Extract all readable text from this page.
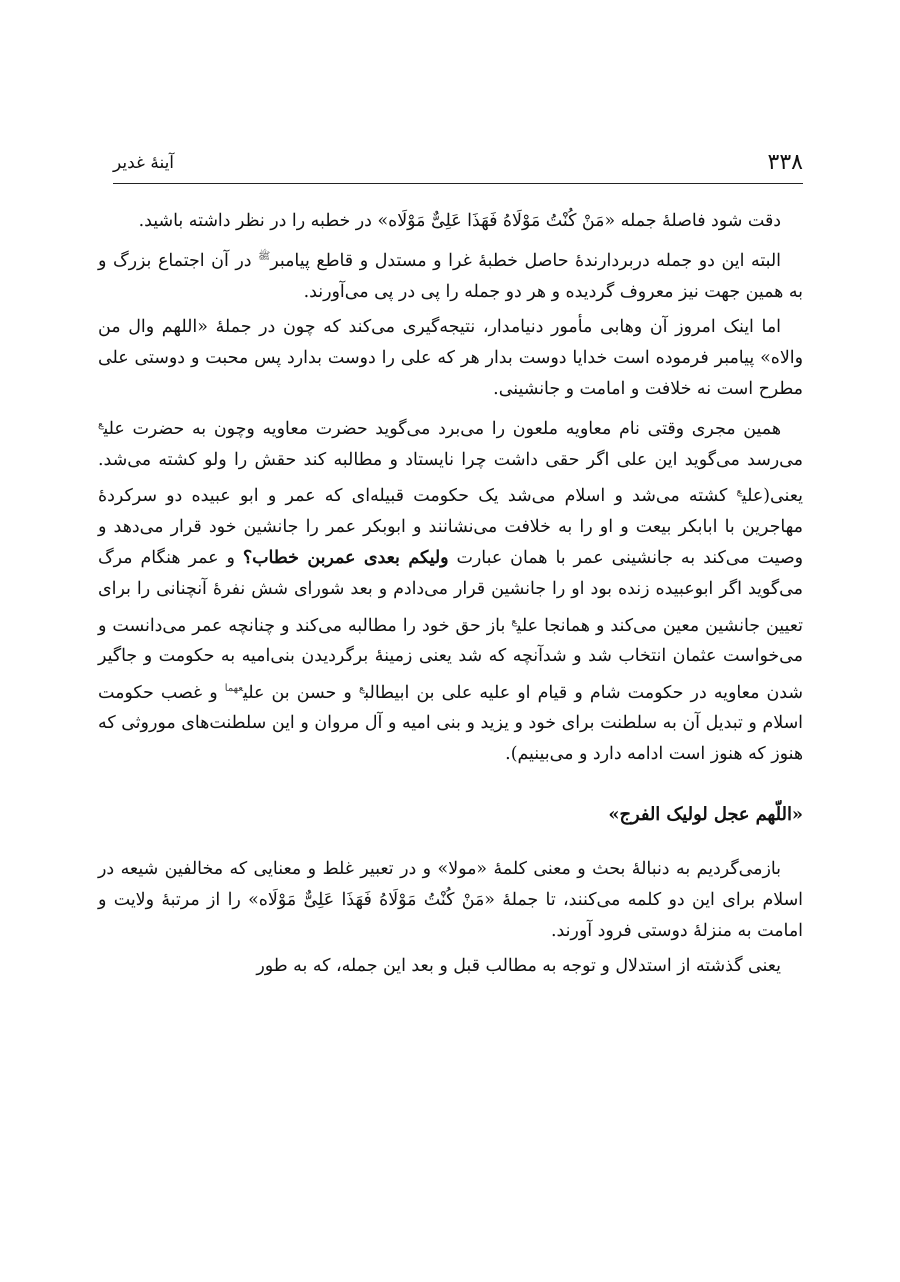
۳۳۸
آینهٔ غدیر

دقت شود فاصلهٔ جمله «مَنْ کُنْتُ مَوْلَاهُ فَهَذَا عَلِیٌّ مَوْلَاه» در خطبه را در نظر داشته باشید.

البته این دو جمله دربردارندهٔ حاصل خطبهٔ غرا و مستدل و قاطع پیامبر$^ﷺ$ در آن اجتماع بزرگ و به همین جهت نیز معروف گردیده و هر دو جمله را پی در پی می‌آورند.

اما اینک امروز آن وهابی مأمور دنیامدار، نتیجه‌گیری می‌کند که چون در جملهٔ «اللهم وال من والاه» پیامبر فرموده است خدایا دوست بدار هر که علی را دوست بدارد پس محبت و دوستی علی مطرح است نه خلافت و امامت و جانشینی.

همین مجری وقتی نام معاویه ملعون را می‌برد می‌گوید حضرت معاویه وچون به حضرت علی$^ع$ می‌رسد می‌گوید این علی اگر حقی داشت چرا نایستاد و مطالبه کند حقش را ولو کشته می‌شد. یعنی(علی$^ع$ کشته می‌شد و اسلام می‌شد یک حکومت قبیله‌ای که عمر و ابو عبیده دو سرکردهٔ مهاجرین با ابابکر بیعت و او را به خلافت می‌نشانند و ابوبکر عمر را جانشین خود قرار می‌دهد و وصیت می‌کند به جانشینی عمر با همان عبارت ولیکم بعدی عمربن خطاب؟ و عمر هنگام مرگ می‌گوید اگر ابوعبیده زنده بود او را جانشین قرار می‌دادم و بعد شورای شش نفرهٔ آنچنانی را برای تعیین جانشین معین می‌کند و همانجا علی$^ع$ باز حق خود را مطالبه می‌کند و چنانچه عمر می‌دانست و می‌خواست عثمان انتخاب شد و شدآنچه که شد یعنی زمینهٔ برگردیدن بنی‌امیه به حکومت و جاگیر شدن معاویه در حکومت شام و قیام او علیه علی بن ابیطالب$^ع$ و حسن بن علی$^{عهما}$ و غصب حکومت اسلام و تبدیل آن به سلطنت برای خود و یزید و بنی امیه و آل مروان و این سلطنت‌های موروثی که هنوز که هنوز است ادامه دارد و می‌بینیم).

«اللّهم عجل لولیک الفرج»

بازمی‌گردیم به دنبالهٔ بحث و معنی کلمهٔ «مولا» و در تعبیر غلط و معنایی که مخالفین شیعه در اسلام برای این دو کلمه می‌کنند، تا جملهٔ «مَنْ کُنْتُ مَوْلَاهُ فَهَذَا عَلِیٌّ مَوْلَاه» را از مرتبهٔ ولایت و امامت به منزلهٔ دوستی فرود آورند.

یعنی گذشته از استدلال و توجه به مطالب قبل و بعد این جمله، که به طور
